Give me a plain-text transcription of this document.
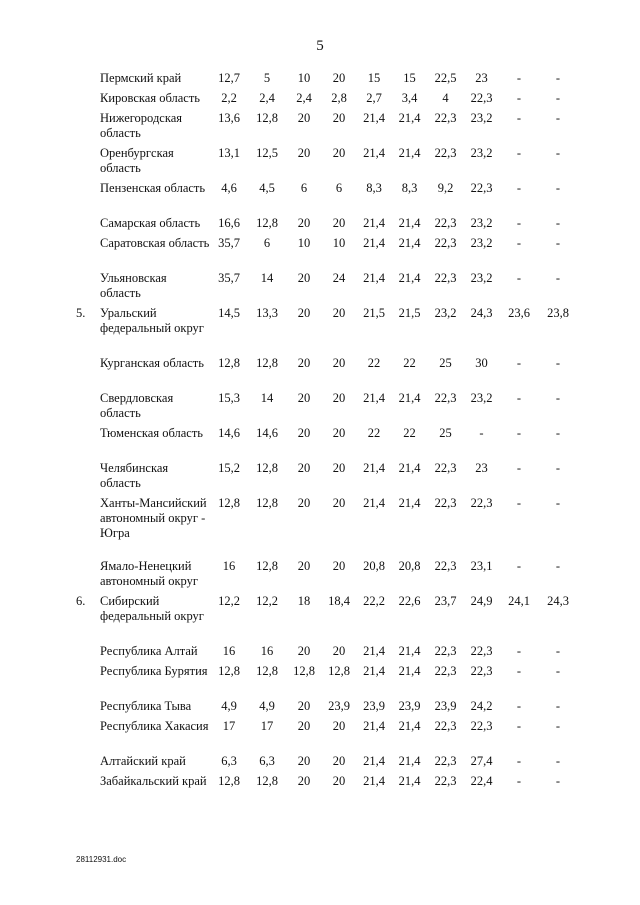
5
	Пермский край	12,7	5	10	20	15	15	22,5	23	-	-
	Кировская область	2,2	2,4	2,4	2,8	2,7	3,4	4	22,3	-	-
	Нижегородская область	13,6	12,8	20	20	21,4	21,4	22,3	23,2	-	-
	Оренбургская область	13,1	12,5	20	20	21,4	21,4	22,3	23,2	-	-
	Пензенская область	4,6	4,5	6	6	8,3	8,3	9,2	22,3	-	-
	Самарская область	16,6	12,8	20	20	21,4	21,4	22,3	23,2	-	-
	Саратовская область	35,7	6	10	10	21,4	21,4	22,3	23,2	-	-
	Ульяновская область	35,7	14	20	24	21,4	21,4	22,3	23,2	-	-
5.	Уральский федеральный округ	14,5	13,3	20	20	21,5	21,5	23,2	24,3	23,6	23,8
	Курганская область	12,8	12,8	20	20	22	22	25	30	-	-
	Свердловская область	15,3	14	20	20	21,4	21,4	22,3	23,2	-	-
	Тюменская область	14,6	14,6	20	20	22	22	25	-	-	-
	Челябинская область	15,2	12,8	20	20	21,4	21,4	22,3	23	-	-
	Ханты-Мансийский автономный округ - Югра	12,8	12,8	20	20	21,4	21,4	22,3	22,3	-	-
	Ямало-Ненецкий автономный округ	16	12,8	20	20	20,8	20,8	22,3	23,1	-	-
6.	Сибирский федеральный округ	12,2	12,2	18	18,4	22,2	22,6	23,7	24,9	24,1	24,3
	Республика Алтай	16	16	20	20	21,4	21,4	22,3	22,3	-	-
	Республика Бурятия	12,8	12,8	12,8	12,8	21,4	21,4	22,3	22,3	-	-
	Республика Тыва	4,9	4,9	20	23,9	23,9	23,9	23,9	24,2	-	-
	Республика Хакасия	17	17	20	20	21,4	21,4	22,3	22,3	-	-
	Алтайский край	6,3	6,3	20	20	21,4	21,4	22,3	27,4	-	-
	Забайкальский край	12,8	12,8	20	20	21,4	21,4	22,3	22,4	-	-
28112931.doc
